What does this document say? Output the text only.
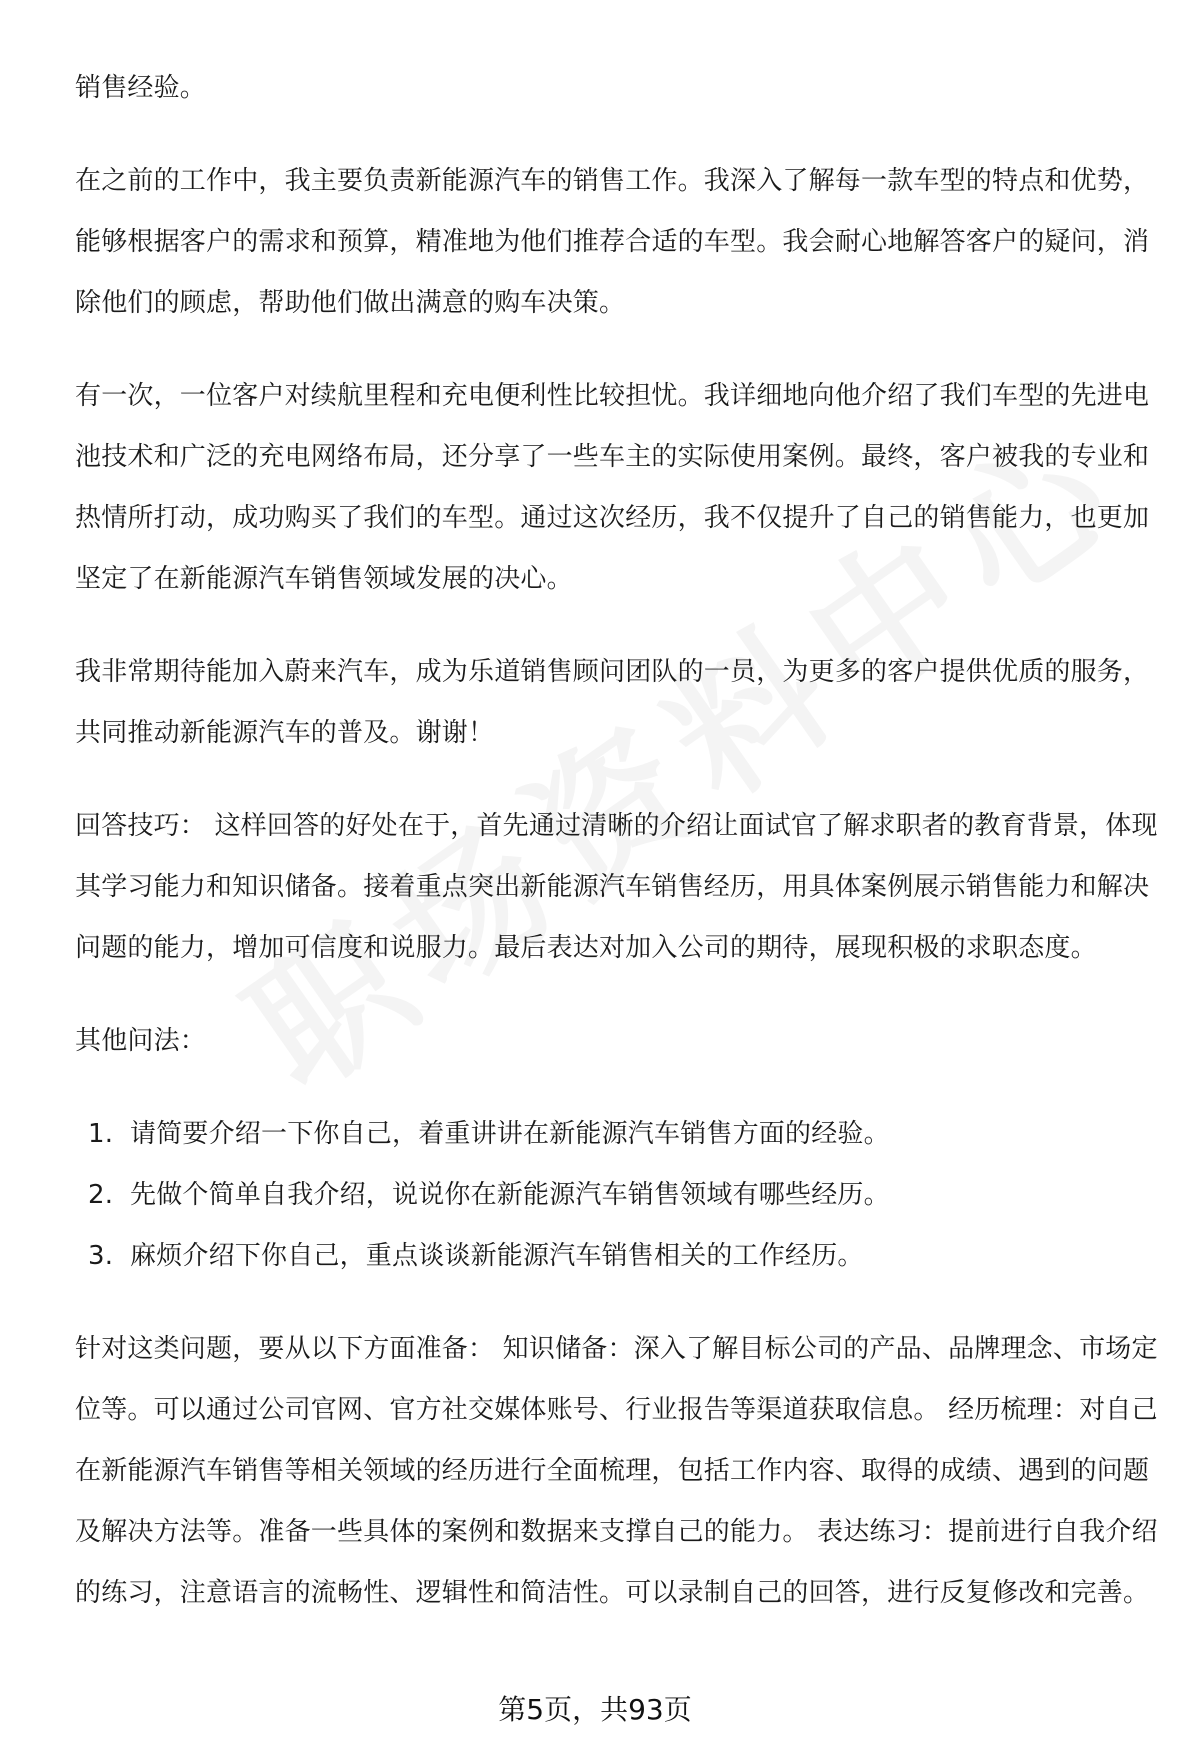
销售经验。

在之前的工作中，我主要负责新能源汽车的销售工作。我深入了解每一款车型的特点和优势，能够根据客户的需求和预算，精准地为他们推荐合适的车型。我会耐心地解答客户的疑问，消除他们的顾虑，帮助他们做出满意的购车决策。

有一次，一位客户对续航里程和充电便利性比较担忧。我详细地向他介绍了我们车型的先进电池技术和广泛的充电网络布局，还分享了一些车主的实际使用案例。最终，客户被我的专业和热情所打动，成功购买了我们的车型。通过这次经历，我不仅提升了自己的销售能力，也更加坚定了在新能源汽车销售领域发展的决心。

我非常期待能加入蔚来汽车，成为乐道销售顾问团队的一员，为更多的客户提供优质的服务，共同推动新能源汽车的普及。谢谢！

回答技巧： 这样回答的好处在于，首先通过清晰的介绍让面试官了解求职者的教育背景，体现其学习能力和知识储备。接着重点突出新能源汽车销售经历，用具体案例展示销售能力和解决问题的能力，增加可信度和说服力。最后表达对加入公司的期待，展现积极的求职态度。

其他问法：

1. 请简要介绍一下你自己，着重讲讲在新能源汽车销售方面的经验。
2. 先做个简单自我介绍，说说你在新能源汽车销售领域有哪些经历。
3. 麻烦介绍下你自己，重点谈谈新能源汽车销售相关的工作经历。

针对这类问题，要从以下方面准备： 知识储备：深入了解目标公司的产品、品牌理念、市场定位等。可以通过公司官网、官方社交媒体账号、行业报告等渠道获取信息。 经历梳理：对自己在新能源汽车销售等相关领域的经历进行全面梳理，包括工作内容、取得的成绩、遇到的问题及解决方法等。准备一些具体的案例和数据来支撑自己的能力。 表达练习：提前进行自我介绍的练习，注意语言的流畅性、逻辑性和简洁性。可以录制自己的回答，进行反复修改和完善。

第5页，共93页
